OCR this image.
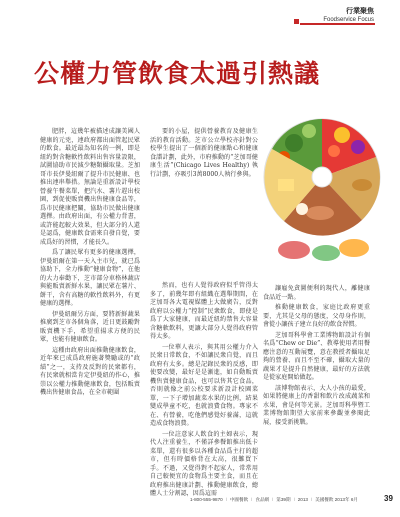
行業聚焦
Foodservice Focus
公權力管飲食太過引熱議

肥胖，這幾年被描述成讓美國人健康的元兇，連政府都出面管起民眾的飲食。最近最為知名的一例，即是紐約對含糖軟性飲料出售容量設限，試圖協助市民減少糖類攝取量。芝加哥市長伊曼紐爾了提升市民健康、也推出連串舉措。無論是重新設計學校營養午餐菜單，把汽水、薯片趕出校園，到促使販賣機出售健康食品等，爲市民健康把關，協助市民做出健康選擇。由政府出面，有公權力背書，或許能起較大效果，但大部分的人還是認爲，健康飲食需來自發自覺，要成爲好的習慣，才能長久。

爲了讓民眾有更多的健康選擇，伊曼紐爾在第一天入主市兒，就已爲協助下，全力推動“健康食物”，在他的大力奉勸下，芝市部分車格林蔬店與能販賣新鮮水果，讓民眾在薯片、餅干，含有高糖的軟性飲料外，有更健康的選擇。

伊曼紐爾另方面，要將新鮮蔬果推廣到芝市各個角落，近日更鼓勵對販賣機下手，希望重揚求方便的民眾，也能有健康飲食。

這種由政府出面推動健康飲食，近年來已成爲政府施著獎勵或的“政績”之一，支持及反對的民衆都有，有民衆就相當肯定伊曼紐的作心，推崇以公權力推動健康飲食，包括販賣機出售健康食品，在全市範圍

要的小屋，提供營養教育及健康生活的教育活動。芝市公立學校亦針對公校學生提出了一個新的健康點心和健康食譜計劃，此外，市府推動的“芝加哥健康生活”(Chicago Lives Healthy) 執行計劃，亦吸引3萬8000人執行參與。

然而，也有人覺得政府似乎管得太多了，前幾年即有組織在選舉期間，在芝加哥各大電視媒體上大做廣告，反對政府以公權力“控制”民衆飲食，即使是爲了大家健康，而最近紐約禁售大容量含糖軟飲料，更讓大部分人覺得政府管得太多。

一位華人表示，與其用公權力介入民衆日常飲食，不如讓民衆自覺，而且政府有太多。總是記錄民衆的反感，即使要改變，最好是是漸進，如自動販賣機售賣健康食品，也可以售其它食品，否則就像之前公校要求新設計校園菜單，一下子增加蔬菜水果的比例，結果變成學童不吃，也就浪費食物。專家不在、有營養，吃他們感覺好養滿，這就造成食物浪費。

一位註意家人飲食的主婦表示，現代人注重養生，不僅詳參餐館推出低卡菜單，還有很多以各種食品爲主打的超市，但有時價格背在太高，很難買下手。不過，又覺得對不起家人，常常用自己較便宜的食物爲主要主食，而且在政府推出健康計劃、推動健康飲食，總體人士分割認，因爲這需

讓雇免貪圖便利的現代人，離健康食品近一點。

推動健康飲食，家庭比政府更重要，尤其是父母的態度，父母身作則，會從小讓孩子建立良好的飲食習慣。

芝加哥科學會工業博物館設計有個名爲“Chew or Die”、教導使用者用餐應注意的互動展覽，意在教授者攝取足夠的營養、而且不至不確，攝取大量的蔬果才是提升自然健康，最好的方法就是從家庭開始做起。

該博物館表示，大人小孩的最愛，如果將健康上的香甜和飲片改成蔬菜和水果，會是何等光景。芝加哥科學暨工業博物館期望大家前來參觀並參閱此展，接受新挑戰。

1-800-555-9870 ∣ 中國餐飲 ∣ 食品網 ∣ 第39期 ∣ 2013 ∣ 美國餐飲 2013年 6月	39
